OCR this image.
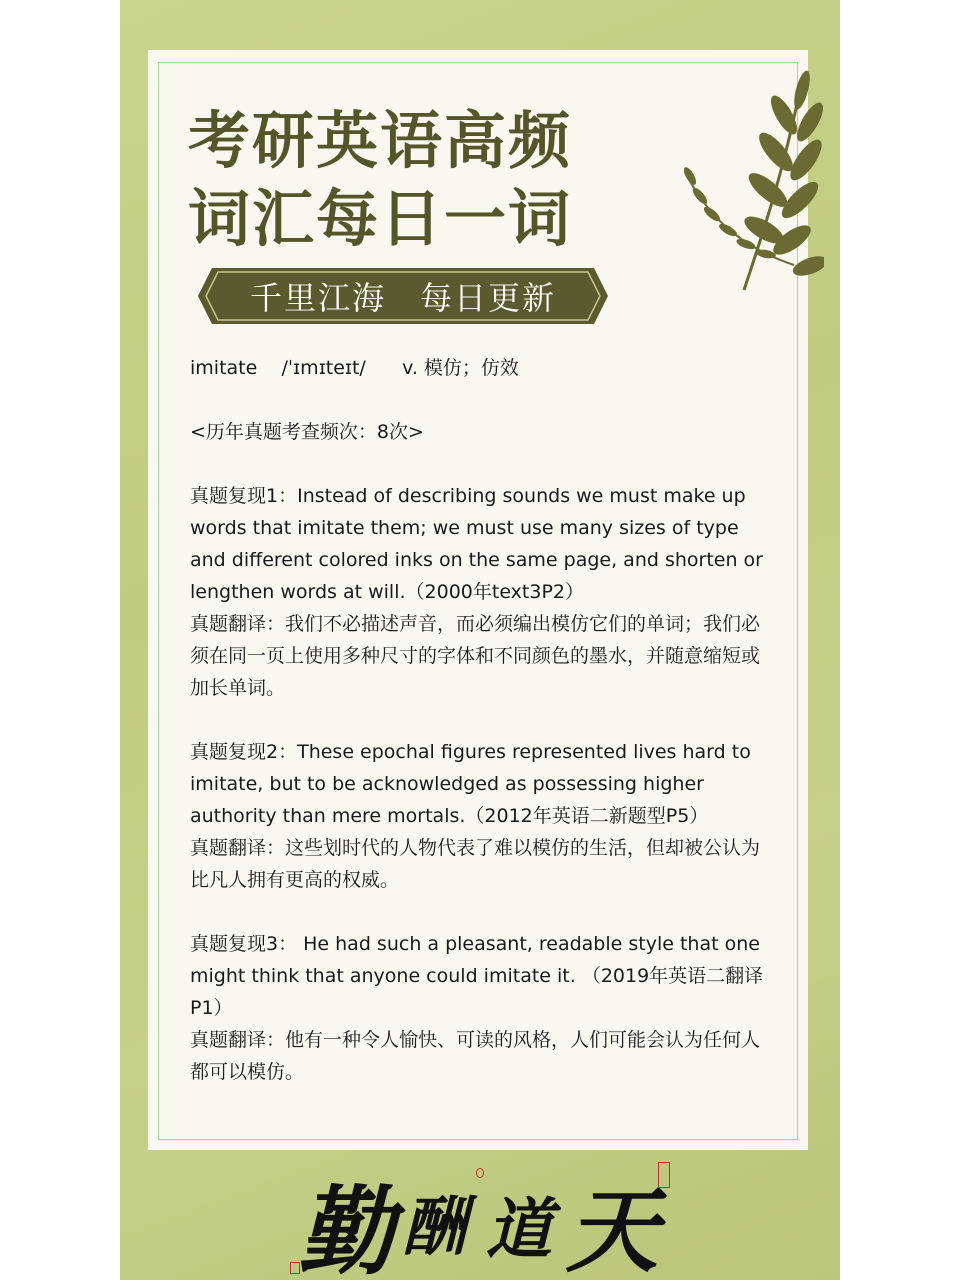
考研英语高频
词汇每日一词
千里江海　每日更新

imitate /ˈɪmɪteɪt/ v. 模仿；仿效

<历年真题考查频次：8次>

真题复现1：Instead of describing sounds we must make up words that imitate them; we must use many sizes of type and different colored inks on the same page, and shorten or lengthen words at will.（2000年text3P2）

真题翻译：我们不必描述声音，而必须编出模仿它们的单词；我们必须在同一页上使用多种尺寸的字体和不同颜色的墨水，并随意缩短或加长单词。

真题复现2：These epochal figures represented lives hard to imitate, but to be acknowledged as possessing higher authority than mere mortals.（2012年英语二新题型P5）

真题翻译：这些划时代的人物代表了难以模仿的生活，但却被公认为比凡人拥有更高的权威。

真题复现3： He had such a pleasant, readable style that one might think that anyone could imitate it. （2019年英语二翻译P1）

真题翻译：他有一种令人愉快、可读的风格，人们可能会认为任何人都可以模仿。

勤 酬 道 天
